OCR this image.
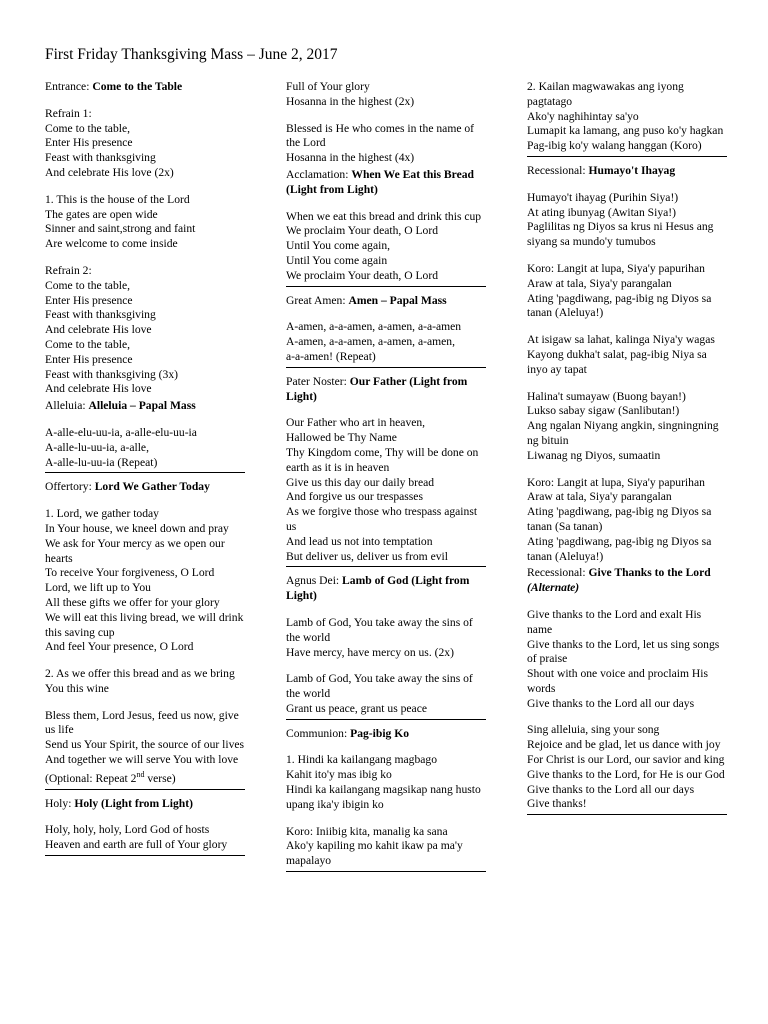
First Friday Thanksgiving Mass – June 2, 2017
Entrance: Come to the Table
Refrain 1:
Come to the table,
Enter His presence
Feast with thanksgiving
And celebrate His love (2x)
1. This is the house of the Lord
The gates are open wide
Sinner and saint,strong and faint
Are welcome to come inside
Refrain 2:
Come to the table,
Enter His presence
Feast with thanksgiving
And celebrate His love
Come to the table,
Enter His presence
Feast with thanksgiving (3x)
And celebrate His love
Alleluia: Alleluia – Papal Mass
A-alle-elu-uu-ia, a-alle-elu-uu-ia
A-alle-lu-uu-ia, a-alle,
A-alle-lu-uu-ia (Repeat)
Offertory: Lord We Gather Today
1. Lord, we gather today
In Your house, we kneel down and pray
We ask for Your mercy as we open our hearts
To receive Your forgiveness, O Lord
Lord, we lift up to You
All these gifts we offer for your glory
We will eat this living bread, we will drink this saving cup
And feel Your presence, O Lord
2. As we offer this bread and as we bring You this wine
Bless them, Lord Jesus, feed us now, give us life
Send us Your Spirit, the source of our lives
And together we will serve You with love
(Optional: Repeat 2nd verse)
Holy: Holy (Light from Light)
Holy, holy, holy, Lord God of hosts
Heaven and earth are full of Your glory
Full of Your glory
Hosanna in the highest (2x)
Blessed is He who comes in the name of the Lord
Hosanna in the highest (4x)
Acclamation: When We Eat this Bread (Light from Light)
When we eat this bread and drink this cup
We proclaim Your death, O Lord
Until You come again,
Until You come again
We proclaim Your death, O Lord
Great Amen: Amen – Papal Mass
A-amen, a-a-amen, a-amen, a-a-amen
A-amen, a-a-amen, a-amen, a-amen,
a-a-amen! (Repeat)
Pater Noster: Our Father (Light from Light)
Our Father who art in heaven,
Hallowed be Thy Name
Thy Kingdom come, Thy will be done on earth as it is in heaven
Give us this day our daily bread
And forgive us our trespasses
As we forgive those who trespass against us
And lead us not into temptation
But deliver us, deliver us from evil
Agnus Dei: Lamb of God (Light from Light)
Lamb of God, You take away the sins of the world
Have mercy, have mercy on us. (2x)
Lamb of God, You take away the sins of the world
Grant us peace, grant us peace
Communion: Pag-ibig Ko
1. Hindi ka kailangang magbago
Kahit ito'y mas ibig ko
Hindi ka kailangang magsikap nang husto upang ika'y ibigin ko
Koro: Iniibig kita, manalig ka sana
Ako'y kapiling mo kahit ikaw pa ma'y mapalayo
2. Kailan magwawakas ang iyong pagtatago
Ako'y naghihintay sa'yo
Lumapit ka lamang, ang puso ko'y hagkan
Pag-ibig ko'y walang hanggan (Koro)
Recessional: Humayo't Ihayag
Humayo't ihayag (Purihin Siya!)
At ating ibunyag (Awitan Siya!)
Paglilitas ng Diyos sa krus ni Hesus ang siyang sa mundo'y tumubos
Koro: Langit at lupa, Siya'y papurihan
Araw at tala, Siya'y parangalan
Ating 'pagdiwang, pag-ibig ng Diyos sa tanan (Aleluya!)
At isigaw sa lahat, kalinga Niya'y wagas
Kayong dukha't salat, pag-ibig Niya sa inyo ay tapat
Halina't sumayaw (Buong bayan!)
Lukso sabay sigaw (Sanlibutan!)
Ang ngalan Niyang angkin, singningning ng bituin
Liwanag ng Diyos, sumaatin
Koro: Langit at lupa, Siya'y papurihan
Araw at tala, Siya'y parangalan
Ating 'pagdiwang, pag-ibig ng Diyos sa tanan (Sa tanan)
Ating 'pagdiwang, pag-ibig ng Diyos sa tanan (Aleluya!)
Recessional: Give Thanks to the Lord (Alternate)
Give thanks to the Lord and exalt His name
Give thanks to the Lord, let us sing songs of praise
Shout with one voice and proclaim His words
Give thanks to the Lord all our days
Sing alleluia, sing your song
Rejoice and be glad, let us dance with joy
For Christ is our Lord, our savior and king
Give thanks to the Lord, for He is our God
Give thanks to the Lord all our days
Give thanks!
